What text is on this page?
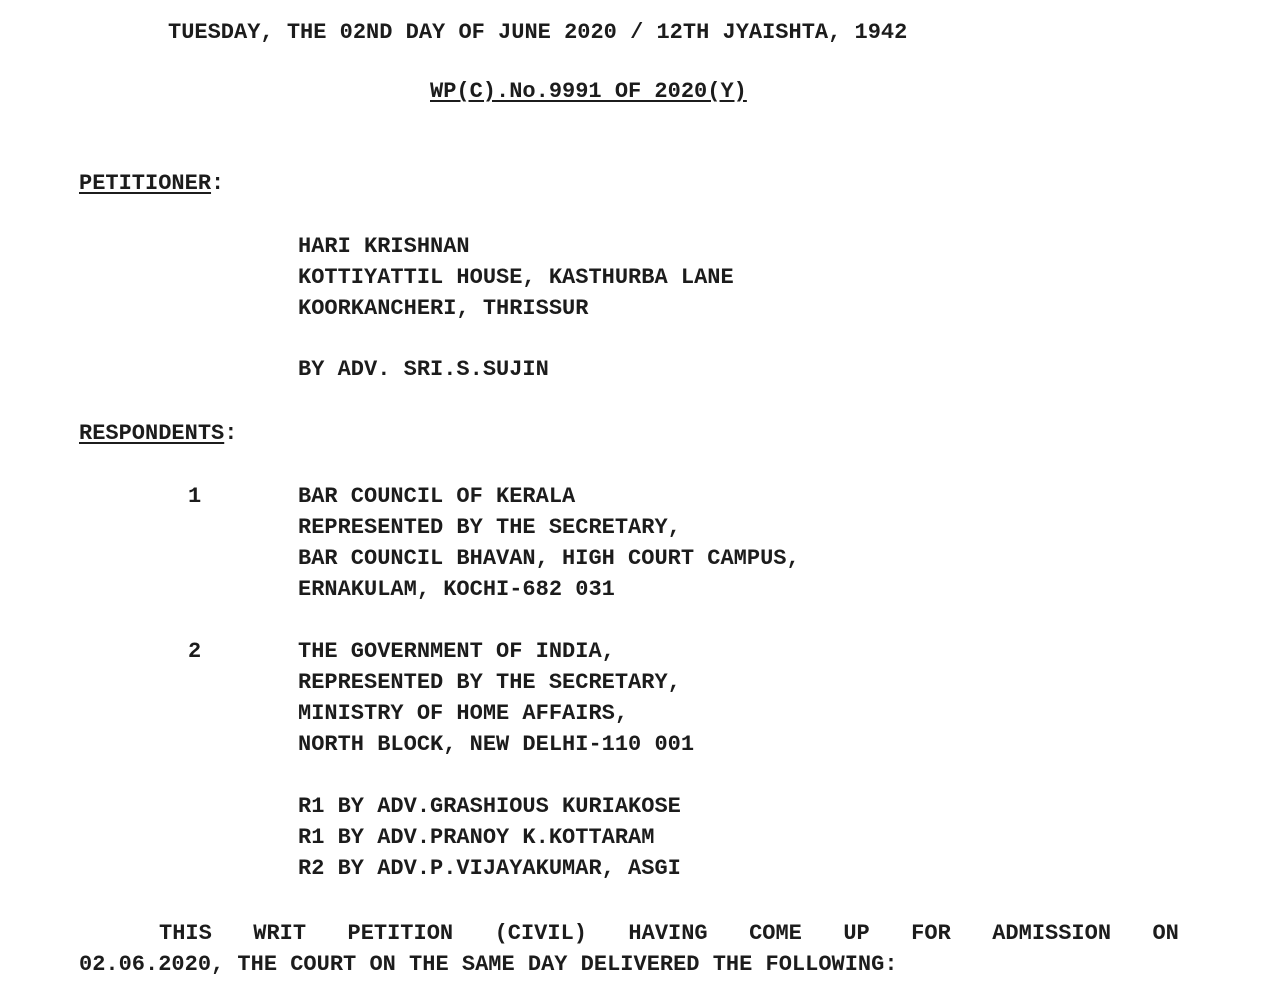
TUESDAY, THE 02ND DAY OF JUNE 2020 / 12TH JYAISHTA, 1942
WP(C).No.9991 OF 2020(Y)
PETITIONER:
HARI KRISHNAN
KOTTIYATTIL HOUSE, KASTHURBA LANE
KOORKANCHERI, THRISSUR
BY ADV. SRI.S.SUJIN
RESPONDENTS:
1	BAR COUNCIL OF KERALA
REPRESENTED BY THE SECRETARY,
BAR COUNCIL BHAVAN, HIGH COURT CAMPUS,
ERNAKULAM, KOCHI-682 031
2	THE GOVERNMENT OF INDIA,
REPRESENTED BY THE SECRETARY,
MINISTRY OF HOME AFFAIRS,
NORTH BLOCK, NEW DELHI-110 001
R1 BY ADV.GRASHIOUS KURIAKOSE
R1 BY ADV.PRANOY K.KOTTARAM
R2 BY ADV.P.VIJAYAKUMAR, ASGI
THIS WRIT PETITION (CIVIL) HAVING COME UP FOR ADMISSION ON
02.06.2020, THE COURT ON THE SAME DAY DELIVERED THE FOLLOWING:
